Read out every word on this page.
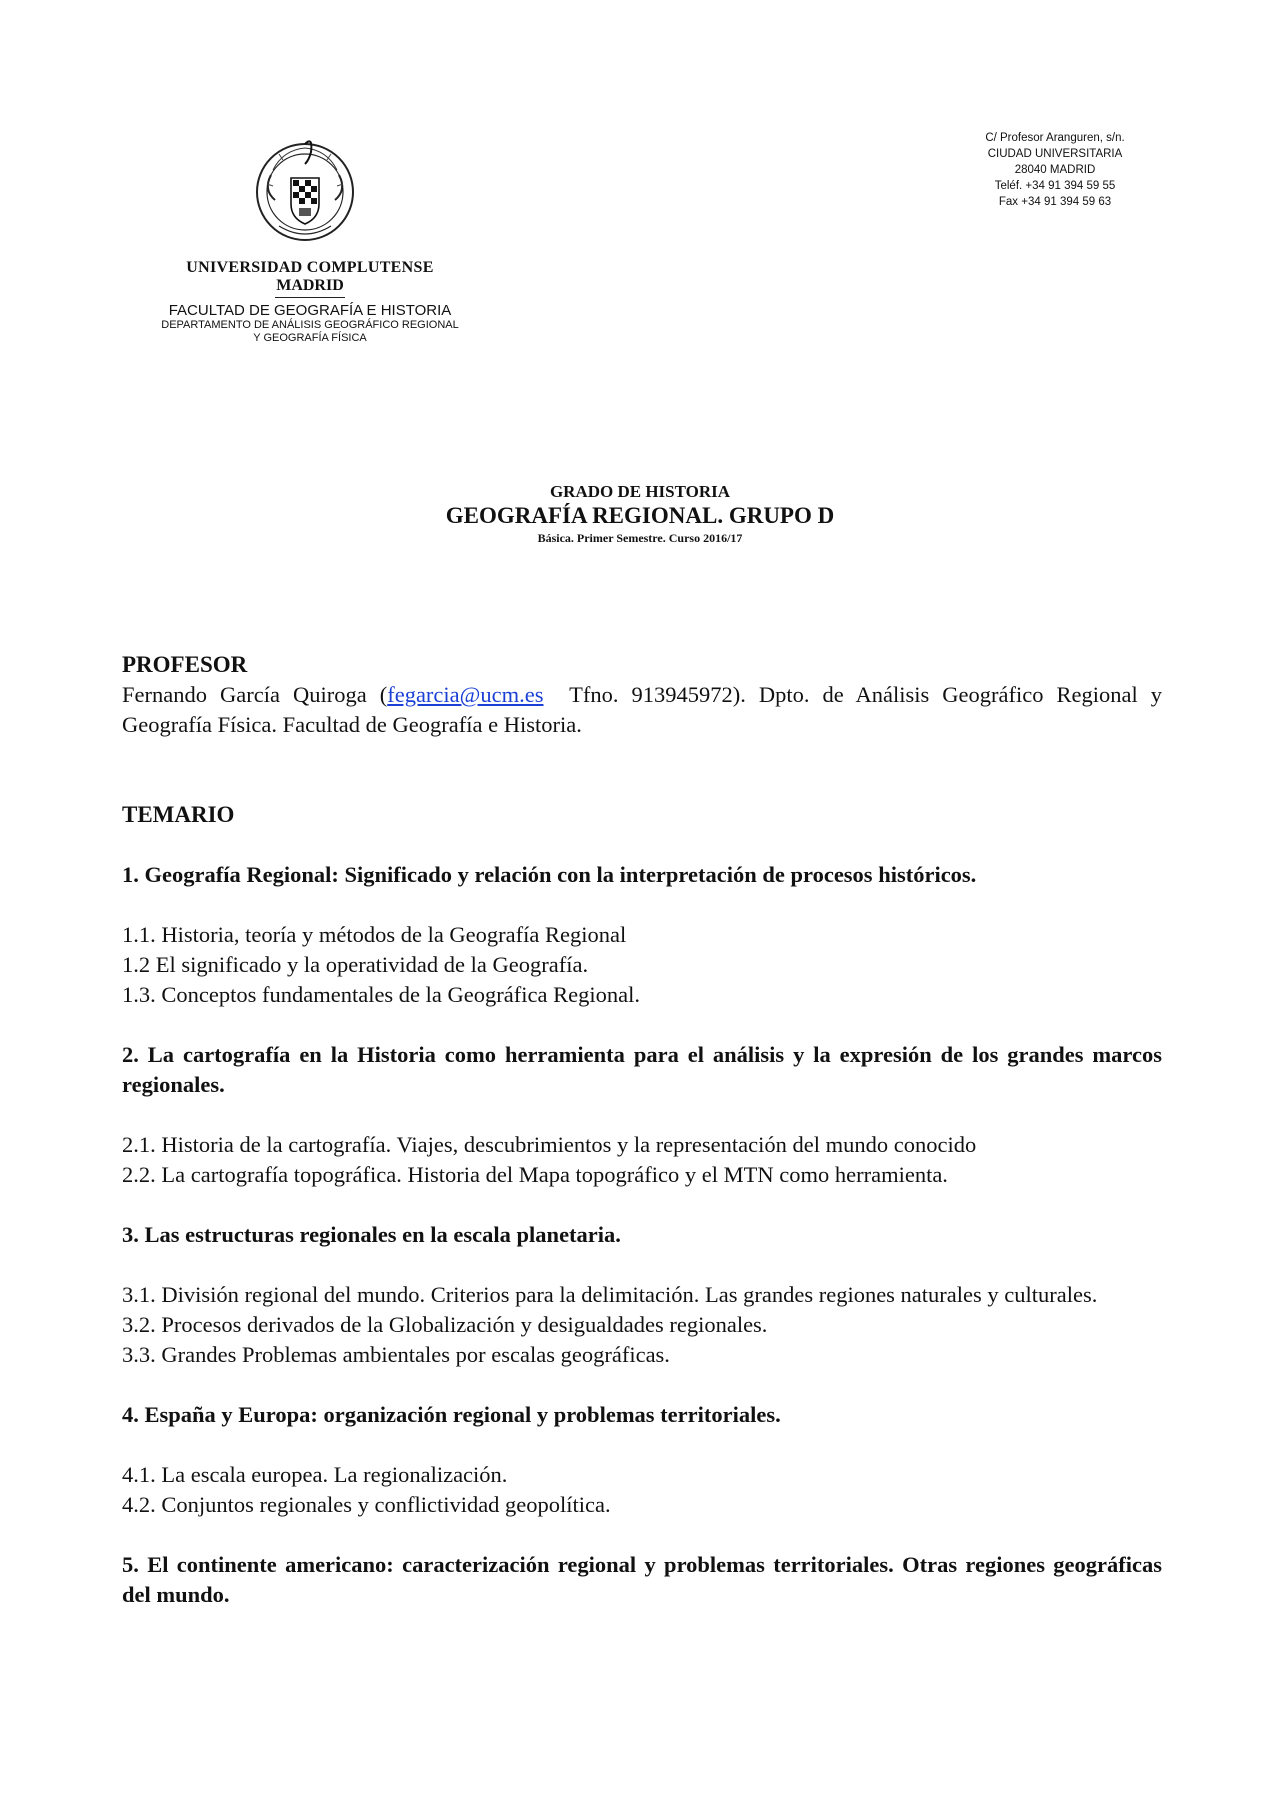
UNIVERSIDAD COMPLUTENSE
MADRID
FACULTAD DE GEOGRAFÍA E HISTORIA
DEPARTAMENTO DE ANÁLISIS GEOGRÁFICO REGIONAL
Y GEOGRAFÍA FÍSICA
C/ Profesor Aranguren, s/n.
CIUDAD UNIVERSITARIA
28040 MADRID
Teléf. +34 91 394 59 55
Fax +34 91 394 59 63
GRADO DE HISTORIA
GEOGRAFÍA REGIONAL. GRUPO D
Básica. Primer Semestre. Curso 2016/17
PROFESOR
Fernando García Quiroga (fegarcia@ucm.es  Tfno. 913945972). Dpto. de Análisis Geográfico Regional y Geografía Física. Facultad de Geografía e Historia.
TEMARIO
1. Geografía Regional: Significado y relación con la interpretación de procesos históricos.
1.1. Historia, teoría y métodos de la Geografía Regional
1.2 El significado y la operatividad de la Geografía.
1.3. Conceptos fundamentales de la Geográfica Regional.
2. La cartografía en la Historia como herramienta para el análisis y la expresión de los grandes marcos regionales.
2.1. Historia de la cartografía. Viajes, descubrimientos y la representación del mundo conocido
2.2. La cartografía topográfica. Historia del Mapa topográfico y el MTN como herramienta.
3. Las estructuras regionales en la escala planetaria.
3.1. División regional del mundo. Criterios para la delimitación. Las grandes regiones naturales y culturales.
3.2. Procesos derivados de la Globalización y desigualdades regionales.
3.3. Grandes Problemas ambientales por escalas geográficas.
4. España y Europa: organización regional y problemas territoriales.
4.1. La escala europea. La regionalización.
4.2. Conjuntos regionales y conflictividad geopolítica.
5. El continente americano: caracterización regional y problemas territoriales. Otras regiones geográficas del mundo.
